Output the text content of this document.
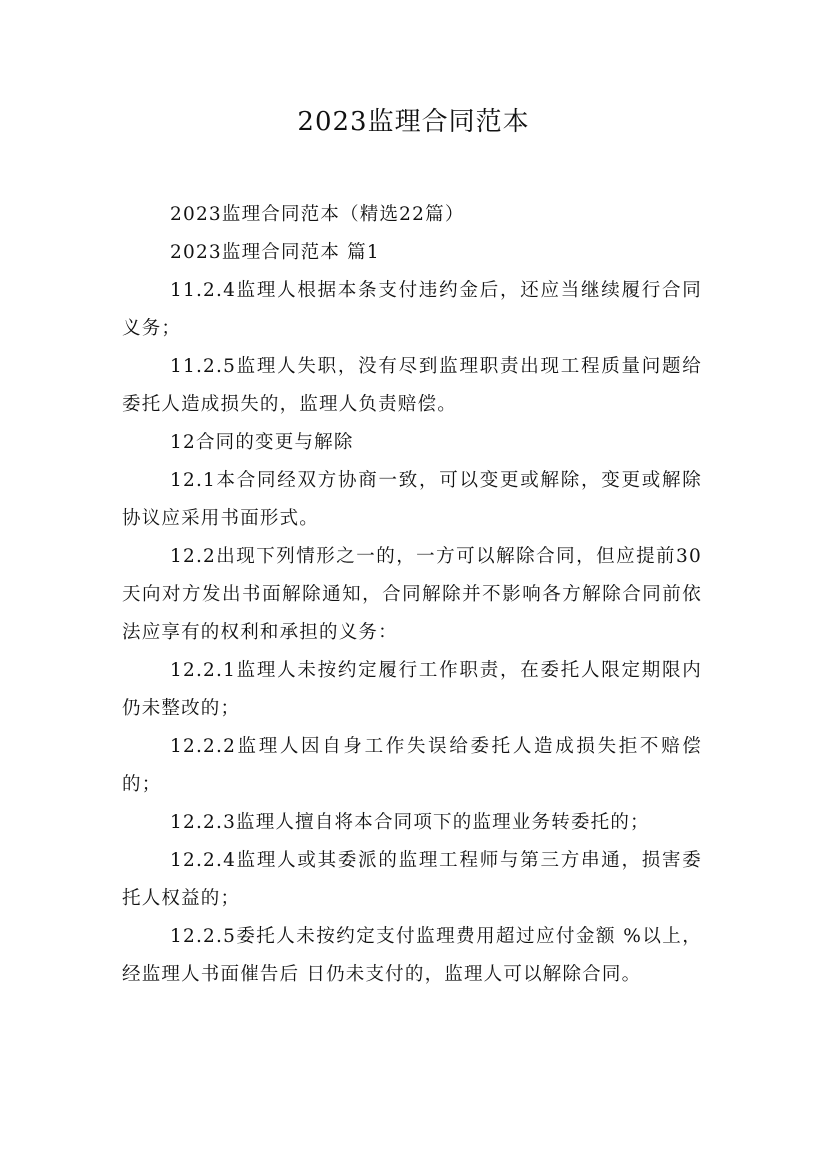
2023监理合同范本

2023监理合同范本（精选22篇）

2023监理合同范本 篇1

11.2.4监理人根据本条支付违约金后，还应当继续履行合同义务；

11.2.5监理人失职，没有尽到监理职责出现工程质量问题给委托人造成损失的，监理人负责赔偿。

12合同的变更与解除

12.1本合同经双方协商一致，可以变更或解除，变更或解除协议应采用书面形式。

12.2出现下列情形之一的，一方可以解除合同，但应提前30天向对方发出书面解除通知，合同解除并不影响各方解除合同前依法应享有的权利和承担的义务：

12.2.1监理人未按约定履行工作职责，在委托人限定期限内仍未整改的；

12.2.2监理人因自身工作失误给委托人造成损失拒不赔偿的；

12.2.3监理人擅自将本合同项下的监理业务转委托的；

12.2.4监理人或其委派的监理工程师与第三方串通，损害委托人权益的；

12.2.5委托人未按约定支付监理费用超过应付金额 %以上，经监理人书面催告后 日仍未支付的，监理人可以解除合同。
